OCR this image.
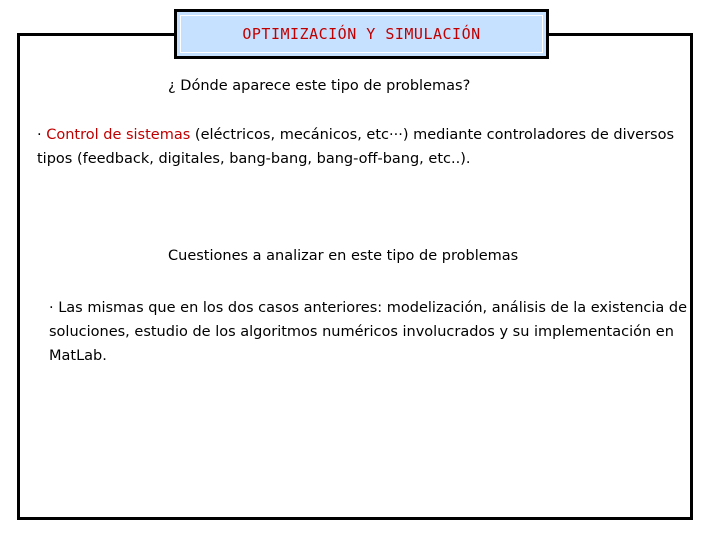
OPTIMIZACIÓN Y SIMULACIÓN
¿ Dónde aparece este tipo de problemas?

· Control de sistemas (eléctricos, mecánicos, etc···) mediante controladores de diversos tipos (feedback, digitales, bang-bang, bang-off-bang, etc..).

Cuestiones a analizar en este tipo de problemas

· Las mismas que en los dos casos anteriores: modelización, análisis de la existencia de soluciones, estudio de los algoritmos numéricos involucrados y su implementación en MatLab.
